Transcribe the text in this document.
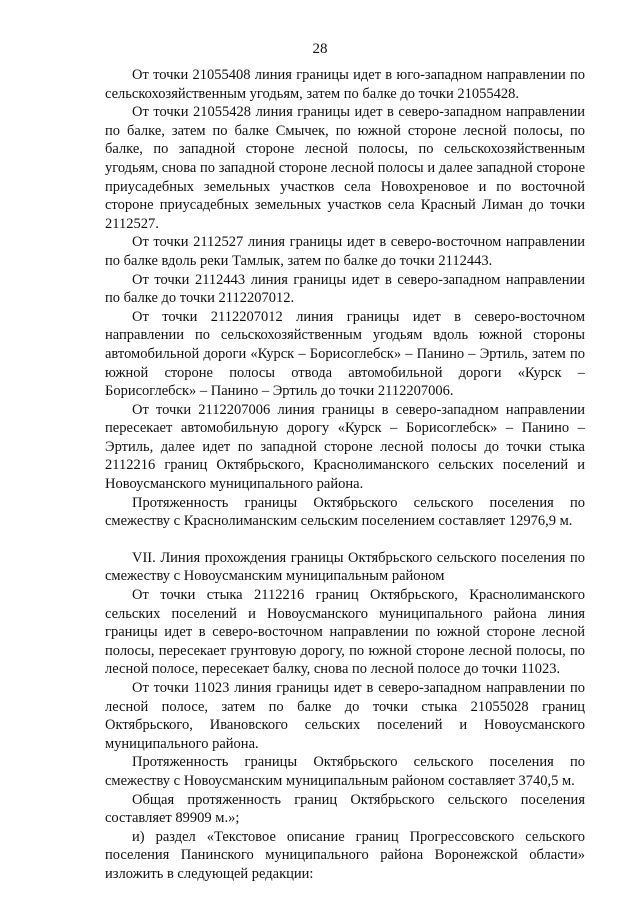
28

От точки 21055408 линия границы идет в юго-западном направлении по сельскохозяйственным угодьям, затем по балке до точки 21055428.

От точки 21055428 линия границы идет в северо-западном направлении по балке, затем по балке Смычек, по южной стороне лесной полосы, по балке, по западной стороне лесной полосы, по сельскохозяйственным угодьям, снова по западной стороне лесной полосы и далее западной стороне приусадебных земельных участков села Новохреновое и по восточной стороне приусадебных земельных участков села Красный Лиман до точки 2112527.

От точки 2112527 линия границы идет в северо-восточном направлении по балке вдоль реки Тамлык, затем по балке до точки 2112443.

От точки 2112443 линия границы идет в северо-западном направлении по балке до точки 2112207012.

От точки 2112207012 линия границы идет в северо-восточном направлении по сельскохозяйственным угодьям вдоль южной стороны автомобильной дороги «Курск – Борисоглебск» – Панино – Эртиль, затем по южной стороне полосы отвода автомобильной дороги «Курск – Борисоглебск» – Панино – Эртиль до точки 2112207006.

От точки 2112207006 линия границы в северо-западном направлении пересекает автомобильную дорогу «Курск – Борисоглебск» – Панино – Эртиль, далее идет по западной стороне лесной полосы до точки стыка 2112216 границ Октябрьского, Краснолиманского сельских поселений и Новоусманского муниципального района.

Протяженность границы Октябрьского сельского поселения по смежеству с Краснолиманским сельским поселением составляет 12976,9 м.

VII. Линия прохождения границы Октябрьского сельского поселения по смежеству с Новоусманским муниципальным районом

От точки стыка 2112216 границ Октябрьского, Краснолиманского сельских поселений и Новоусманского муниципального района линия границы идет в северо-восточном направлении по южной стороне лесной полосы, пересекает грунтовую дорогу, по южной стороне лесной полосы, по лесной полосе, пересекает балку, снова по лесной полосе до точки 11023.

От точки 11023 линия границы идет в северо-западном направлении по лесной полосе, затем по балке до точки стыка 21055028 границ Октябрьского, Ивановского сельских поселений и Новоусманского муниципального района.

Протяженность границы Октябрьского сельского поселения по смежеству с Новоусманским муниципальным районом составляет 3740,5 м.

Общая протяженность границ Октябрьского сельского поселения составляет 89909 м.»;

и) раздел «Текстовое описание границ Прогрессовского сельского поселения Панинского муниципального района Воронежской области» изложить в следующей редакции:
